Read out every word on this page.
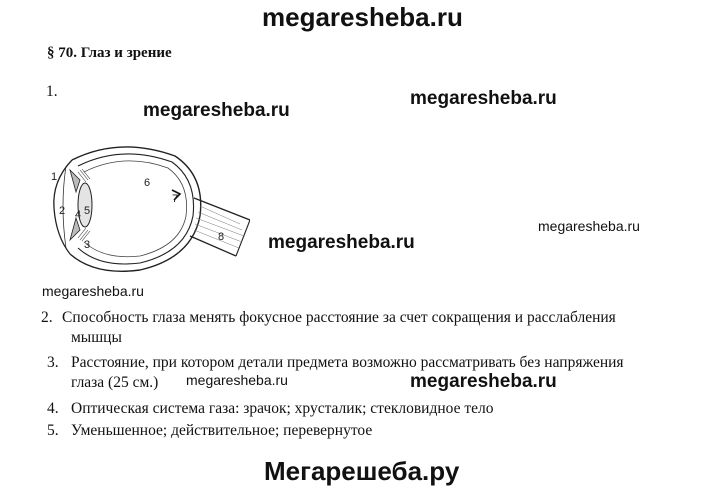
megaresheba.ru
§ 70. Глаз и зрение
1.
megaresheba.ru
megaresheba.ru
megaresheba.ru
megaresheba.ru
megaresheba.ru
1
2
3
4 5
6
7
8
2. Способность глаза менять фокусное расстояние за счет сокращения и расслабления
мышцы
3. Расстояние, при котором детали предмета возможно рассматривать без напряжения
глаза (25 см.) megaresheba.ru	megaresheba.ru
4. Оптическая система газа: зрачок; хрусталик; стекловидное тело
5. Уменьшенное; действительное; перевернутое
Мегарешеба.ру
